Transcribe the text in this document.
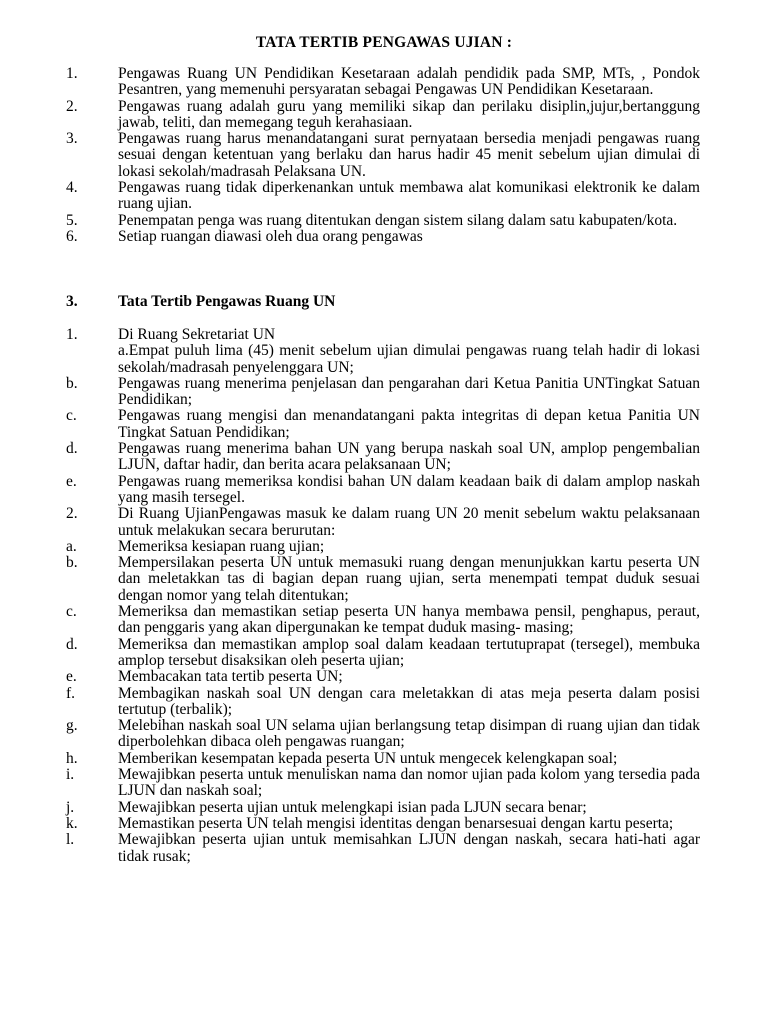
TATA TERTIB PENGAWAS UJIAN :
1.	Pengawas Ruang UN Pendidikan Kesetaraan adalah pendidik pada SMP, MTs, , Pondok Pesantren, yang memenuhi persyaratan sebagai Pengawas UN Pendidikan Kesetaraan.
2.	Pengawas ruang adalah guru yang memiliki sikap dan perilaku disiplin,jujur,bertanggung jawab, teliti, dan memegang teguh kerahasiaan.
3.	Pengawas ruang harus menandatangani surat pernyataan bersedia menjadi pengawas ruang sesuai dengan ketentuan yang berlaku dan harus hadir 45 menit sebelum ujian dimulai di lokasi sekolah/madrasah Pelaksana UN.
4.	Pengawas ruang tidak diperkenankan untuk membawa alat komunikasi elektronik ke dalam ruang ujian.
5.	Penempatan penga was ruang ditentukan dengan sistem silang dalam satu kabupaten/kota.
6.	Setiap ruangan diawasi oleh dua orang pengawas
3.	Tata Tertib Pengawas Ruang UN
1.	Di Ruang Sekretariat UN
a.Empat puluh lima (45) menit sebelum ujian dimulai pengawas ruang telah hadir di lokasi sekolah/madrasah penyelenggara UN;
b.	Pengawas ruang menerima penjelasan dan pengarahan dari Ketua Panitia UNTingkat Satuan Pendidikan;
c.	Pengawas ruang mengisi dan menandatangani pakta integritas di depan ketua Panitia UN Tingkat Satuan Pendidikan;
d.	Pengawas ruang menerima bahan UN yang berupa naskah soal UN, amplop pengembalian LJUN, daftar hadir, dan berita acara pelaksanaan UN;
e.	Pengawas ruang memeriksa kondisi bahan UN dalam keadaan baik di dalam amplop naskah yang masih tersegel.
2.	Di Ruang UjianPengawas masuk ke dalam ruang UN 20 menit sebelum waktu pelaksanaan untuk melakukan secara berurutan:
a.	Memeriksa kesiapan ruang ujian;
b.	Mempersilakan peserta UN untuk memasuki ruang dengan menunjukkan kartu peserta UN dan meletakkan tas di bagian depan ruang ujian, serta menempati tempat duduk sesuai dengan nomor yang telah ditentukan;
c.	Memeriksa dan memastikan setiap peserta UN hanya membawa pensil, penghapus, peraut, dan penggaris yang akan dipergunakan ke tempat duduk masing- masing;
d.	Memeriksa dan memastikan amplop soal dalam keadaan tertutuprapat (tersegel), membuka amplop tersebut disaksikan oleh peserta ujian;
e.	Membacakan tata tertib peserta UN;
f.	Membagikan naskah soal UN dengan cara meletakkan di atas meja peserta dalam posisi tertutup (terbalik);
g.	Melebihan naskah soal UN selama ujian berlangsung tetap disimpan di ruang ujian dan tidak diperbolehkan dibaca oleh pengawas ruangan;
h.	Memberikan kesempatan kepada peserta UN untuk mengecek kelengkapan soal;
i.	Mewajibkan peserta untuk menuliskan nama dan nomor ujian pada kolom yang tersedia pada LJUN dan naskah soal;
j.	Mewajibkan peserta ujian untuk melengkapi isian pada LJUN secara benar;
k.	Memastikan peserta UN telah mengisi identitas dengan benarsesuai dengan kartu peserta;
l.	Mewajibkan peserta ujian untuk memisahkan LJUN dengan naskah, secara hati-hati agar tidak rusak;
